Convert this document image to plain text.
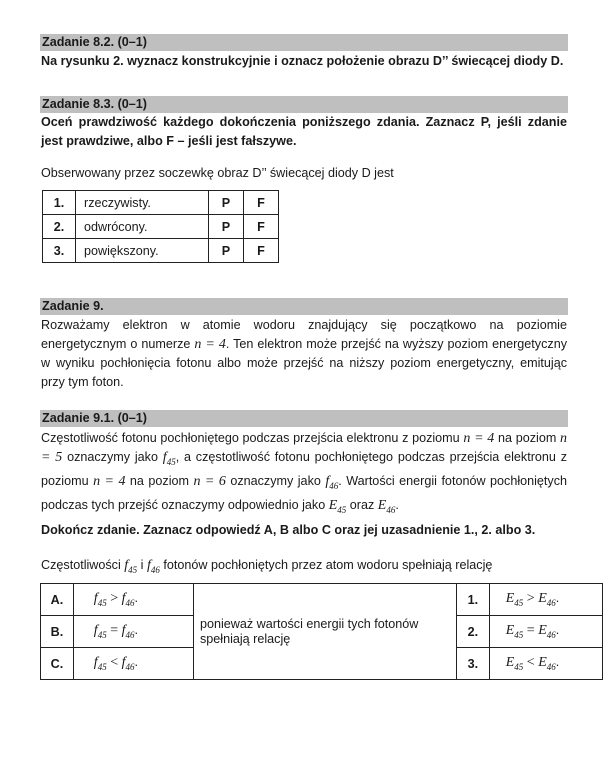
Zadanie 8.2. (0–1)
Na rysunku 2. wyznacz konstrukcyjnie i oznacz położenie obrazu D’’ świecącej diody D.
Zadanie 8.3. (0–1)
Oceń prawdziwość każdego dokończenia poniższego zdania. Zaznacz P, jeśli zdanie jest prawdziwe, albo F – jeśli jest fałszywe.
Obserwowany przez soczewkę obraz D’’ świecącej diody D jest
1.	rzeczywisty.	P	F
2.	odwrócony.	P	F
3.	powiększony.	P	F
Zadanie 9.
Rozważamy elektron w atomie wodoru znajdujący się początkowo na poziomie energetycznym o numerze n = 4. Ten elektron może przejść na wyższy poziom energetyczny w wyniku pochłonięcia fotonu albo może przejść na niższy poziom energetyczny, emitując przy tym foton.
Zadanie 9.1. (0–1)
Częstotliwość fotonu pochłoniętego podczas przejścia elektronu z poziomu n = 4 na poziom n = 5 oznaczymy jako $f_{45}$, a częstotliwość fotonu pochłoniętego podczas przejścia elektronu z poziomu n = 4 na poziom n = 6 oznaczymy jako $f_{46}$. Wartości energii fotonów pochłoniętych podczas tych przejść oznaczymy odpowiednio jako $E_{45}$ oraz $E_{46}$.
Dokończ zdanie. Zaznacz odpowiedź A, B albo C oraz jej uzasadnienie 1., 2. albo 3.
Częstotliwości $f_{45}$ i $f_{46}$ fotonów pochłoniętych przez atom wodoru spełniają relację
A.	$f_{45} > f_{46}$.	ponieważ wartości energii tych fotonów spełniają relację	1.	$E_{45} > E_{46}$.
B.	$f_{45} = f_{46}$.		2.	$E_{45} = E_{46}$.
C.	$f_{45} < f_{46}$.		3.	$E_{45} < E_{46}$.
